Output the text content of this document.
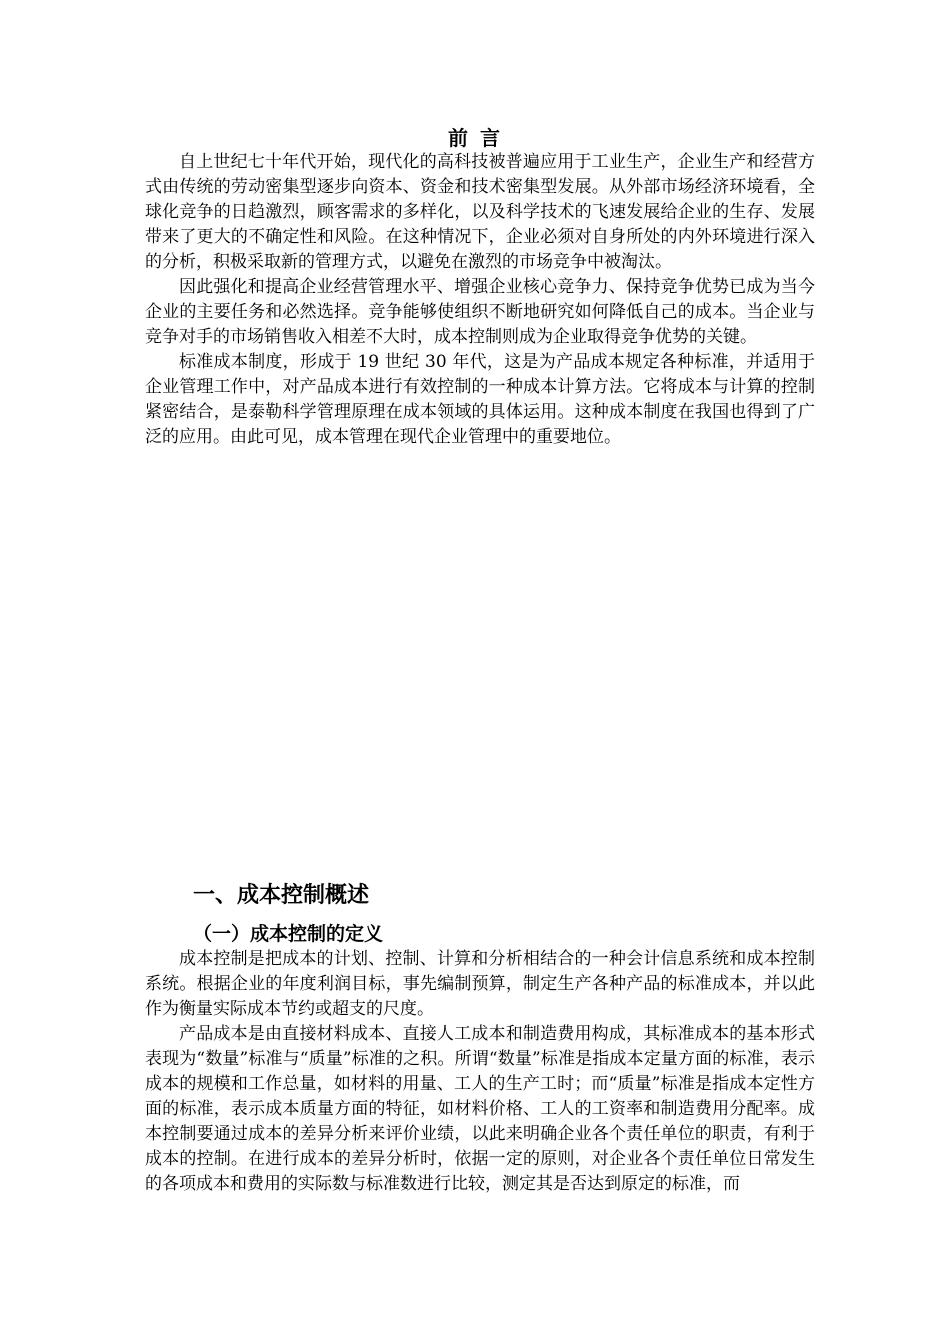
前言

自上世纪七十年代开始，现代化的高科技被普遍应用于工业生产，企业生产和经营方式由传统的劳动密集型逐步向资本、资金和技术密集型发展。从外部市场经济环境看，全球化竞争的日趋激烈，顾客需求的多样化，以及科学技术的飞速发展给企业的生存、发展带来了更大的不确定性和风险。在这种情况下，企业必须对自身所处的内外环境进行深入的分析，积极采取新的管理方式，以避免在激烈的市场竞争中被淘汰。

因此强化和提高企业经营管理水平、增强企业核心竞争力、保持竞争优势已成为当今企业的主要任务和必然选择。竞争能够使组织不断地研究如何降低自己的成本。当企业与竞争对手的市场销售收入相差不大时，成本控制则成为企业取得竞争优势的关键。

标准成本制度，形成于 19 世纪 30 年代，这是为产品成本规定各种标准，并适用于企业管理工作中，对产品成本进行有效控制的一种成本计算方法。它将成本与计算的控制紧密结合，是泰勒科学管理原理在成本领域的具体运用。这种成本制度在我国也得到了广泛的应用。由此可见，成本管理在现代企业管理中的重要地位。

一、成本控制概述
（一）成本控制的定义

成本控制是把成本的计划、控制、计算和分析相结合的一种会计信息系统和成本控制系统。根据企业的年度利润目标，事先编制预算，制定生产各种产品的标准成本，并以此作为衡量实际成本节约或超支的尺度。

产品成本是由直接材料成本、直接人工成本和制造费用构成，其标准成本的基本形式表现为“数量”标准与“质量”标准的之积。所谓“数量”标准是指成本定量方面的标准，表示成本的规模和工作总量，如材料的用量、工人的生产工时；而“质量”标准是指成本定性方面的标准，表示成本质量方面的特征，如材料价格、工人的工资率和制造费用分配率。成本控制要通过成本的差异分析来评价业绩，以此来明确企业各个责任单位的职责，有利于成本的控制。在进行成本的差异分析时，依据一定的原则，对企业各个责任单位日常发生的各项成本和费用的实际数与标准数进行比较，测定其是否达到原定的标准，而
